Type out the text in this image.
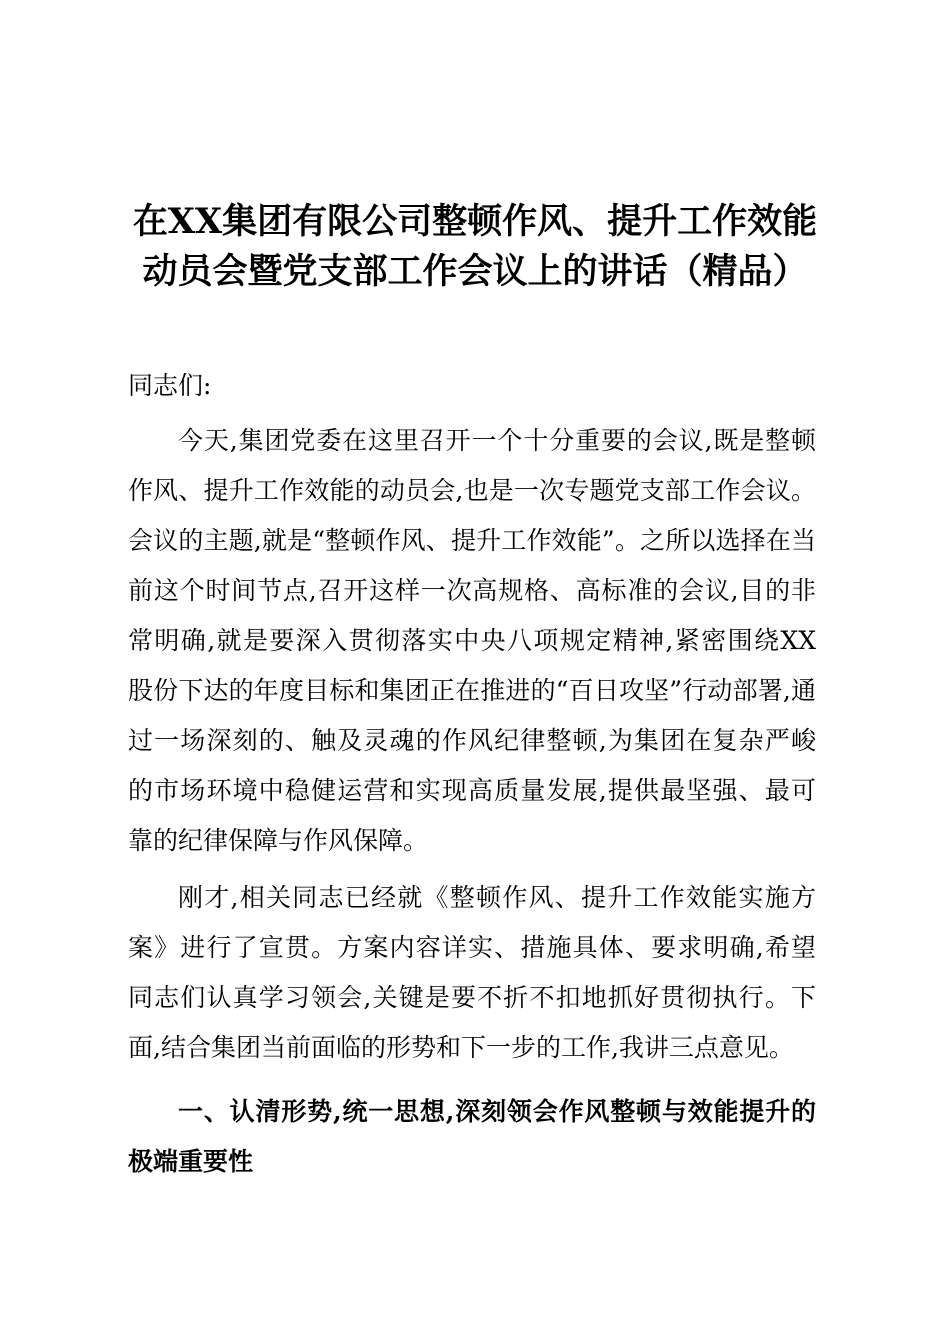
在XX集团有限公司整顿作风、提升工作效能
动员会暨党支部工作会议上的讲话（精品）
同志们:
今天,集团党委在这里召开一个十分重要的会议,既是整顿
作风、提升工作效能的动员会,也是一次专题党支部工作会议。
会议的主题,就是“整顿作风、提升工作效能”。之所以选择在当
前这个时间节点,召开这样一次高规格、高标准的会议,目的非
常明确,就是要深入贯彻落实中央八项规定精神,紧密围绕XX
股份下达的年度目标和集团正在推进的“百日攻坚”行动部署,通
过一场深刻的、触及灵魂的作风纪律整顿,为集团在复杂严峻
的市场环境中稳健运营和实现高质量发展,提供最坚强、最可
靠的纪律保障与作风保障。
刚才,相关同志已经就《整顿作风、提升工作效能实施方
案》进行了宣贯。方案内容详实、措施具体、要求明确,希望
同志们认真学习领会,关键是要不折不扣地抓好贯彻执行。下
面,结合集团当前面临的形势和下一步的工作,我讲三点意见。
一、认清形势,统一思想,深刻领会作风整顿与效能提升的
极端重要性
